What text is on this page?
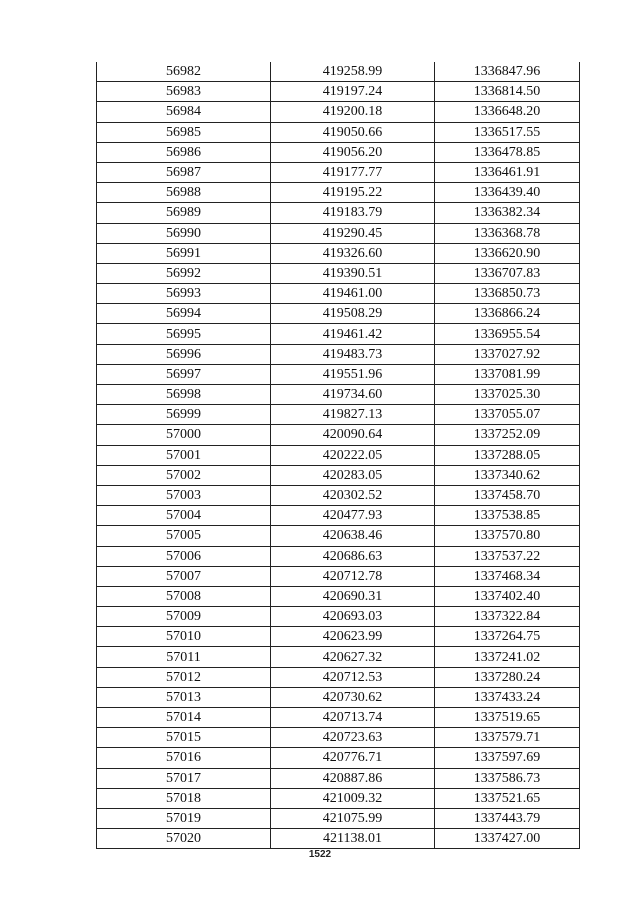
56982	419258.99	1336847.96
56983	419197.24	1336814.50
56984	419200.18	1336648.20
56985	419050.66	1336517.55
56986	419056.20	1336478.85
56987	419177.77	1336461.91
56988	419195.22	1336439.40
56989	419183.79	1336382.34
56990	419290.45	1336368.78
56991	419326.60	1336620.90
56992	419390.51	1336707.83
56993	419461.00	1336850.73
56994	419508.29	1336866.24
56995	419461.42	1336955.54
56996	419483.73	1337027.92
56997	419551.96	1337081.99
56998	419734.60	1337025.30
56999	419827.13	1337055.07
57000	420090.64	1337252.09
57001	420222.05	1337288.05
57002	420283.05	1337340.62
57003	420302.52	1337458.70
57004	420477.93	1337538.85
57005	420638.46	1337570.80
57006	420686.63	1337537.22
57007	420712.78	1337468.34
57008	420690.31	1337402.40
57009	420693.03	1337322.84
57010	420623.99	1337264.75
57011	420627.32	1337241.02
57012	420712.53	1337280.24
57013	420730.62	1337433.24
57014	420713.74	1337519.65
57015	420723.63	1337579.71
57016	420776.71	1337597.69
57017	420887.86	1337586.73
57018	421009.32	1337521.65
57019	421075.99	1337443.79
57020	421138.01	1337427.00
1522
